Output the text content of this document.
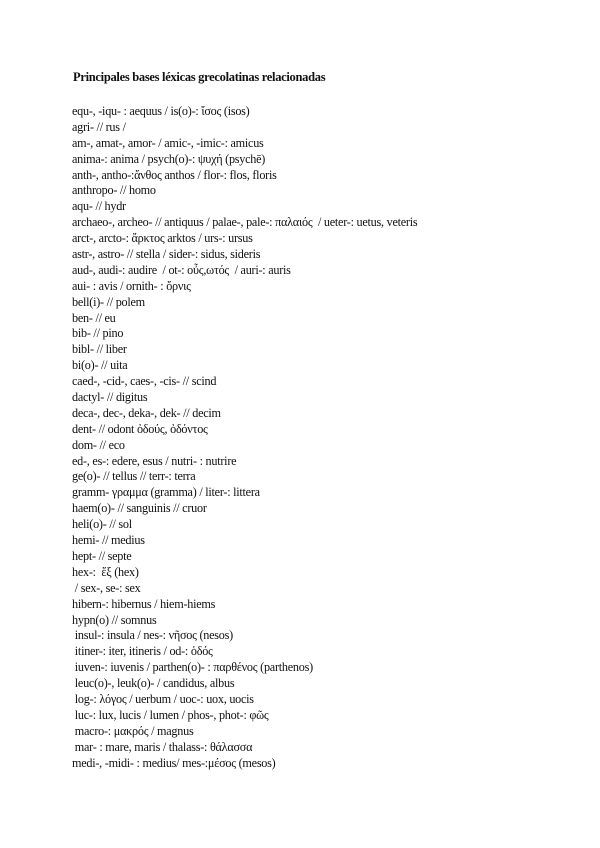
Principales bases léxicas grecolatinas relacionadas
equ-, -iqu- : aequus / is(o)-: ἴσος (isos)
agri- // rus /
am-, amat-, amor- / amic-, -imic-: amicus
anima-: anima / psych(o)-: ψυχή (psychē)
anth-, antho-:ἄνθος anthos / flor-: flos, floris
anthropo- // homo
aqu- // hydr
archaeo-, archeo- // antiquus / palae-, pale-: παλαιός  / ueter-: uetus, veteris
arct-, arcto-: ἄρκτος arktos / urs-: ursus
astr-, astro- // stella / sider-: sidus, sideris
aud-, audi-: audire  / ot-: οὖς,ωτός  / auri-: auris
aui- : avis / ornith- : ὄρνις
bell(i)- // polem
ben- // eu
bib- // pino
bibl- // liber
bi(o)- // uita
caed-, -cid-, caes-, -cis- // scind
dactyl- // digitus
deca-, dec-, deka-, dek- // decim
dent- // odont ὀδούς, ὀδόντος
dom- // eco
ed-, es-: edere, esus / nutri- : nutrire
ge(o)- // tellus // terr-: terra
gramm- γραμμα (gramma) / liter-: littera
haem(o)- // sanguinis // cruor
heli(o)- // sol
hemi- // medius
hept- // septe
hex-:  ἕξ (hex)
/ sex-, se-: sex
hibern-: hibernus / hiem-hiems
hypn(o) // somnus
insul-: insula / nes-: νῆσος (nesos)
itiner-: iter, itineris / od-: ὁδός
iuven-: iuvenis / parthen(o)- : παρθένος (parthenos)
leuc(o)-, leuk(o)- / candidus, albus
log-: λόγος / uerbum / uoc-: uox, uocis
luc-: lux, lucis / lumen / phos-, phot-: φῶς
macro-: μακρός / magnus
mar- : mare, maris / thalass-: θάλασσα
medi-, -midi- : medius/ mes-:μέσος (mesos)
